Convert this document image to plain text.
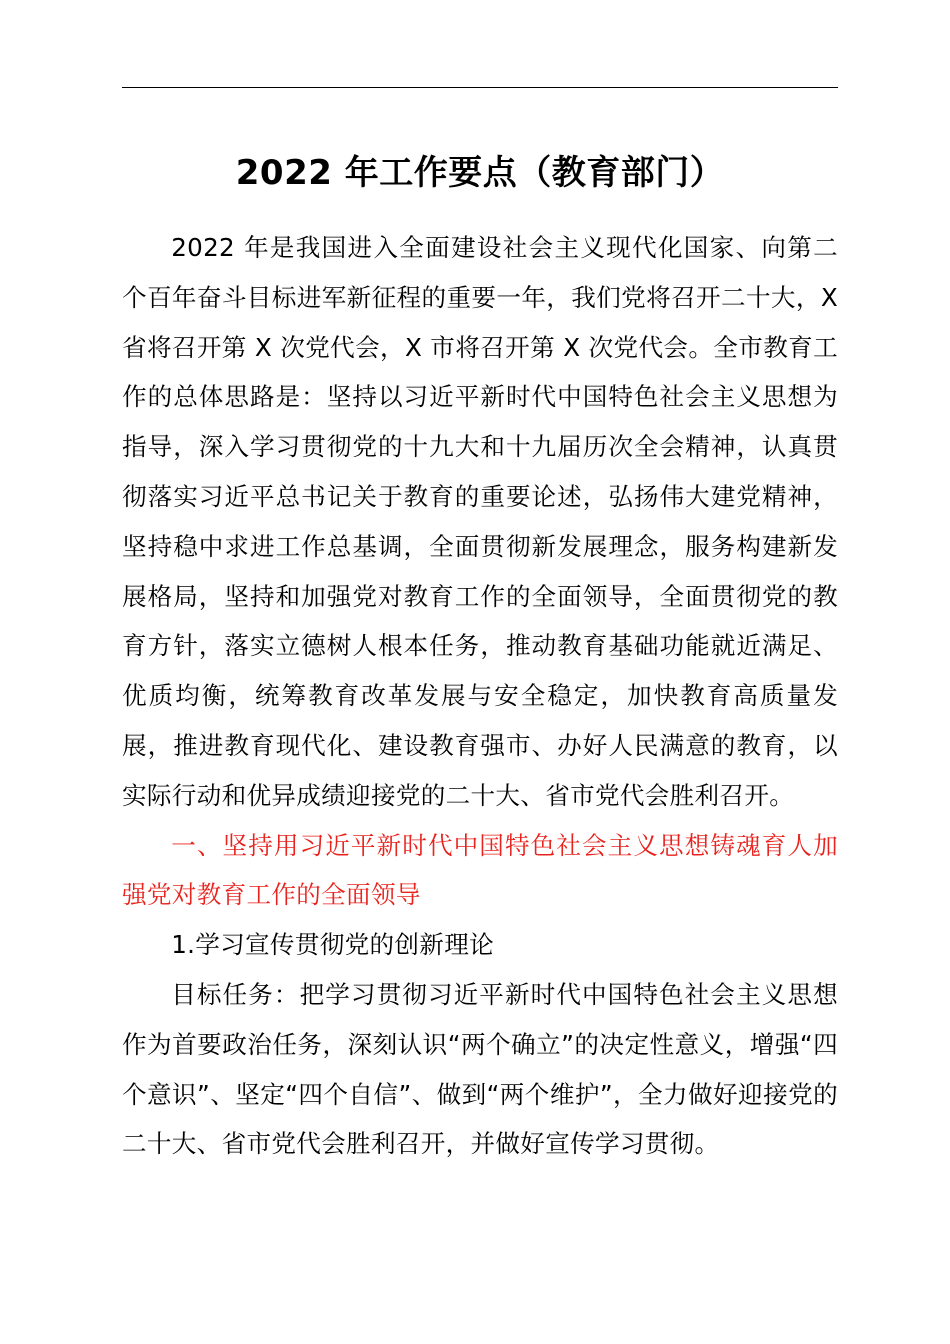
2022 年工作要点（教育部门）

2022 年是我国进入全面建设社会主义现代化国家、向第二个百年奋斗目标进军新征程的重要一年，我们党将召开二十大，X 省将召开第 X 次党代会，X 市将召开第 X 次党代会。全市教育工作的总体思路是：坚持以习近平新时代中国特色社会主义思想为指导，深入学习贯彻党的十九大和十九届历次全会精神，认真贯彻落实习近平总书记关于教育的重要论述，弘扬伟大建党精神，坚持稳中求进工作总基调，全面贯彻新发展理念，服务构建新发展格局，坚持和加强党对教育工作的全面领导，全面贯彻党的教育方针，落实立德树人根本任务，推动教育基础功能就近满足、优质均衡，统筹教育改革发展与安全稳定，加快教育高质量发展，推进教育现代化、建设教育强市、办好人民满意的教育，以实际行动和优异成绩迎接党的二十大、省市党代会胜利召开。

一、坚持用习近平新时代中国特色社会主义思想铸魂育人加强党对教育工作的全面领导

1.学习宣传贯彻党的创新理论

目标任务：把学习贯彻习近平新时代中国特色社会主义思想作为首要政治任务，深刻认识“两个确立”的决定性意义，增强“四个意识”、坚定“四个自信”、做到“两个维护”，全力做好迎接党的二十大、省市党代会胜利召开，并做好宣传学习贯彻。
